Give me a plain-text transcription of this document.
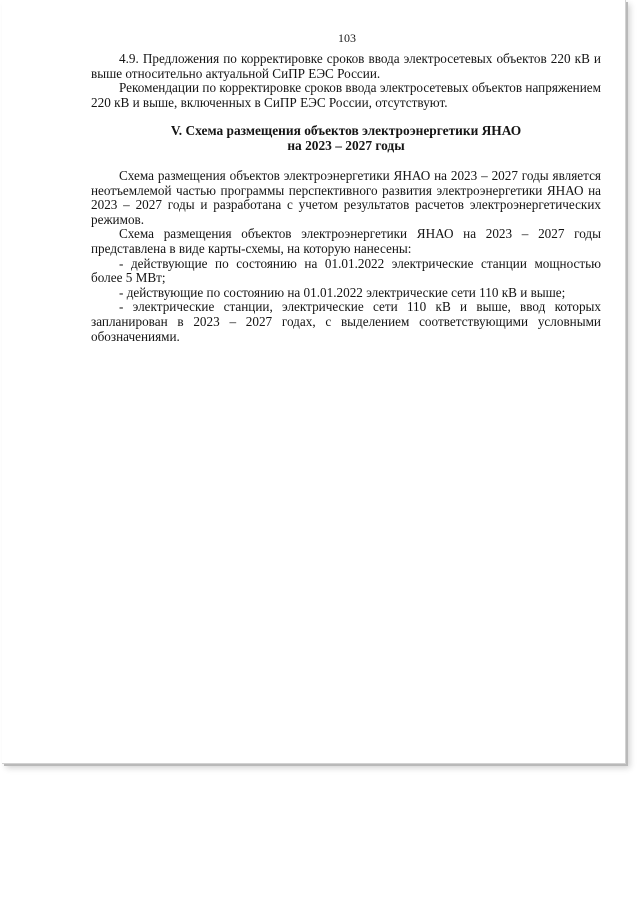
103

4.9. Предложения по корректировке сроков ввода электросетевых объектов 220 кВ и выше относительно актуальной СиПР ЕЭС России.

Рекомендации по корректировке сроков ввода электросетевых объектов напряжением 220 кВ и выше, включенных в СиПР ЕЭС России, отсутствуют.

V. Схема размещения объектов электроэнергетики ЯНАО
на 2023 – 2027 годы

Схема размещения объектов электроэнергетики ЯНАО на 2023 – 2027 годы является неотъемлемой частью программы перспективного развития электроэнергетики ЯНАО на 2023 – 2027 годы и разработана с учетом результатов расчетов электроэнергетических режимов.

Схема размещения объектов электроэнергетики ЯНАО на 2023 – 2027 годы представлена в виде карты-схемы, на которую нанесены:

- действующие по состоянию на 01.01.2022 электрические станции мощностью более 5 МВт;

- действующие по состоянию на 01.01.2022 электрические сети 110 кВ и выше;

- электрические станции, электрические сети 110 кВ и выше, ввод которых запланирован в 2023 – 2027 годах, с выделением соответствующими условными обозначениями.
